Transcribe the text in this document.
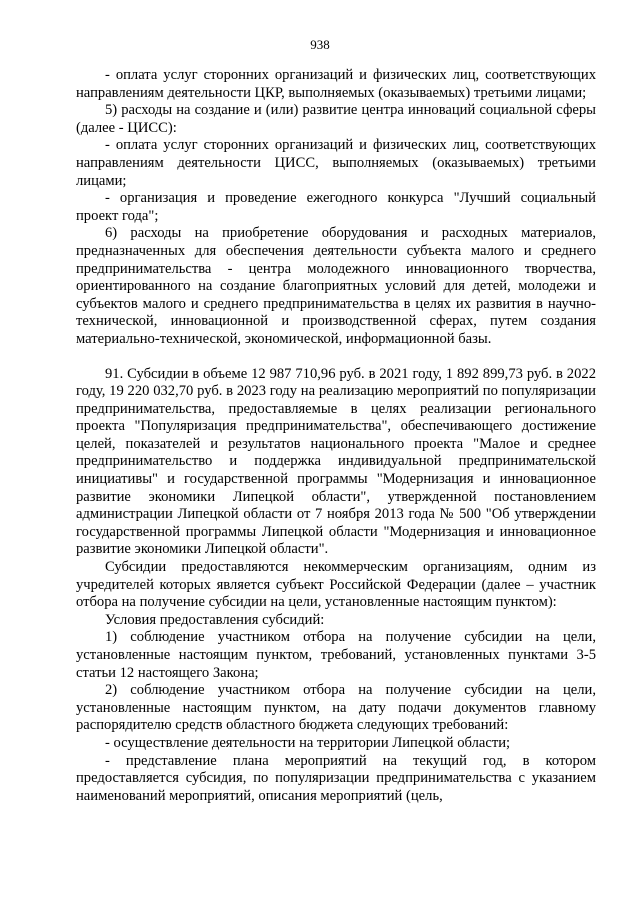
938

- оплата услуг сторонних организаций и физических лиц, соответствующих направлениям деятельности ЦКР, выполняемых (оказываемых) третьими лицами;

5) расходы на создание и (или) развитие центра инноваций социальной сферы (далее - ЦИСС):

- оплата услуг сторонних организаций и физических лиц, соответствующих направлениям деятельности ЦИСС, выполняемых (оказываемых) третьими лицами;

- организация и проведение ежегодного конкурса "Лучший социальный проект года";

6) расходы на приобретение оборудования и расходных материалов, предназначенных для обеспечения деятельности субъекта малого и среднего предпринимательства - центра молодежного инновационного творчества, ориентированного на создание благоприятных условий для детей, молодежи и субъектов малого и среднего предпринимательства в целях их развития в научно-технической, инновационной и производственной сферах, путем создания материально-технической, экономической, информационной базы.

91. Субсидии в объеме 12 987 710,96 руб. в 2021 году, 1 892 899,73 руб. в 2022 году, 19 220 032,70 руб. в 2023 году на реализацию мероприятий по популяризации предпринимательства, предоставляемые в целях реализации регионального проекта "Популяризация предпринимательства", обеспечивающего достижение целей, показателей и результатов национального проекта "Малое и среднее предпринимательство и поддержка индивидуальной предпринимательской инициативы" и государственной программы "Модернизация и инновационное развитие экономики Липецкой области", утвержденной постановлением администрации Липецкой области от 7 ноября 2013 года № 500 "Об утверждении государственной программы Липецкой области "Модернизация и инновационное развитие экономики Липецкой области".

Субсидии предоставляются некоммерческим организациям, одним из учредителей которых является субъект Российской Федерации (далее – участник отбора на получение субсидии на цели, установленные настоящим пунктом):

Условия предоставления субсидий:

1) соблюдение участником отбора на получение субсидии на цели, установленные настоящим пунктом, требований, установленных пунктами 3-5 статьи 12 настоящего Закона;

2) соблюдение участником отбора на получение субсидии на цели, установленные настоящим пунктом, на дату подачи документов главному распорядителю средств областного бюджета следующих требований:

- осуществление деятельности на территории Липецкой области;

- представление плана мероприятий на текущий год, в котором предоставляется субсидия, по популяризации предпринимательства с указанием наименований мероприятий, описания мероприятий (цель,
